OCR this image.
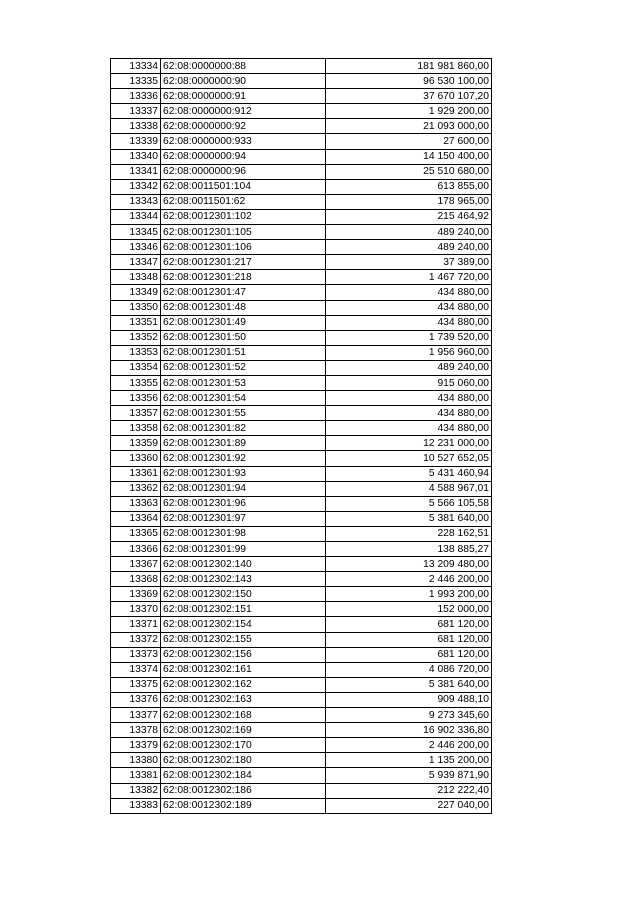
13334	62:08:0000000:88	181 981 860,00
13335	62:08:0000000:90	96 530 100,00
13336	62:08:0000000:91	37 670 107,20
13337	62:08:0000000:912	1 929 200,00
13338	62:08:0000000:92	21 093 000,00
13339	62:08:0000000:933	27 600,00
13340	62:08:0000000:94	14 150 400,00
13341	62:08:0000000:96	25 510 680,00
13342	62:08:0011501:104	613 855,00
13343	62:08:0011501:62	178 965,00
13344	62:08:0012301:102	215 464,92
13345	62:08:0012301:105	489 240,00
13346	62:08:0012301:106	489 240,00
13347	62:08:0012301:217	37 389,00
13348	62:08:0012301:218	1 467 720,00
13349	62:08:0012301:47	434 880,00
13350	62:08:0012301:48	434 880,00
13351	62:08:0012301:49	434 880,00
13352	62:08:0012301:50	1 739 520,00
13353	62:08:0012301:51	1 956 960,00
13354	62:08:0012301:52	489 240,00
13355	62:08:0012301:53	915 060,00
13356	62:08:0012301:54	434 880,00
13357	62:08:0012301:55	434 880,00
13358	62:08:0012301:82	434 880,00
13359	62:08:0012301:89	12 231 000,00
13360	62:08:0012301:92	10 527 652,05
13361	62:08:0012301:93	5 431 460,94
13362	62:08:0012301:94	4 588 967,01
13363	62:08:0012301:96	5 566 105,58
13364	62:08:0012301:97	5 381 640,00
13365	62:08:0012301:98	228 162,51
13366	62:08:0012301:99	138 885,27
13367	62:08:0012302:140	13 209 480,00
13368	62:08:0012302:143	2 446 200,00
13369	62:08:0012302:150	1 993 200,00
13370	62:08:0012302:151	152 000,00
13371	62:08:0012302:154	681 120,00
13372	62:08:0012302:155	681 120,00
13373	62:08:0012302:156	681 120,00
13374	62:08:0012302:161	4 086 720,00
13375	62:08:0012302:162	5 381 640,00
13376	62:08:0012302:163	909 488,10
13377	62:08:0012302:168	9 273 345,60
13378	62:08:0012302:169	16 902 336,80
13379	62:08:0012302:170	2 446 200,00
13380	62:08:0012302:180	1 135 200,00
13381	62:08:0012302:184	5 939 871,90
13382	62:08:0012302:186	212 222,40
13383	62:08:0012302:189	227 040,00
